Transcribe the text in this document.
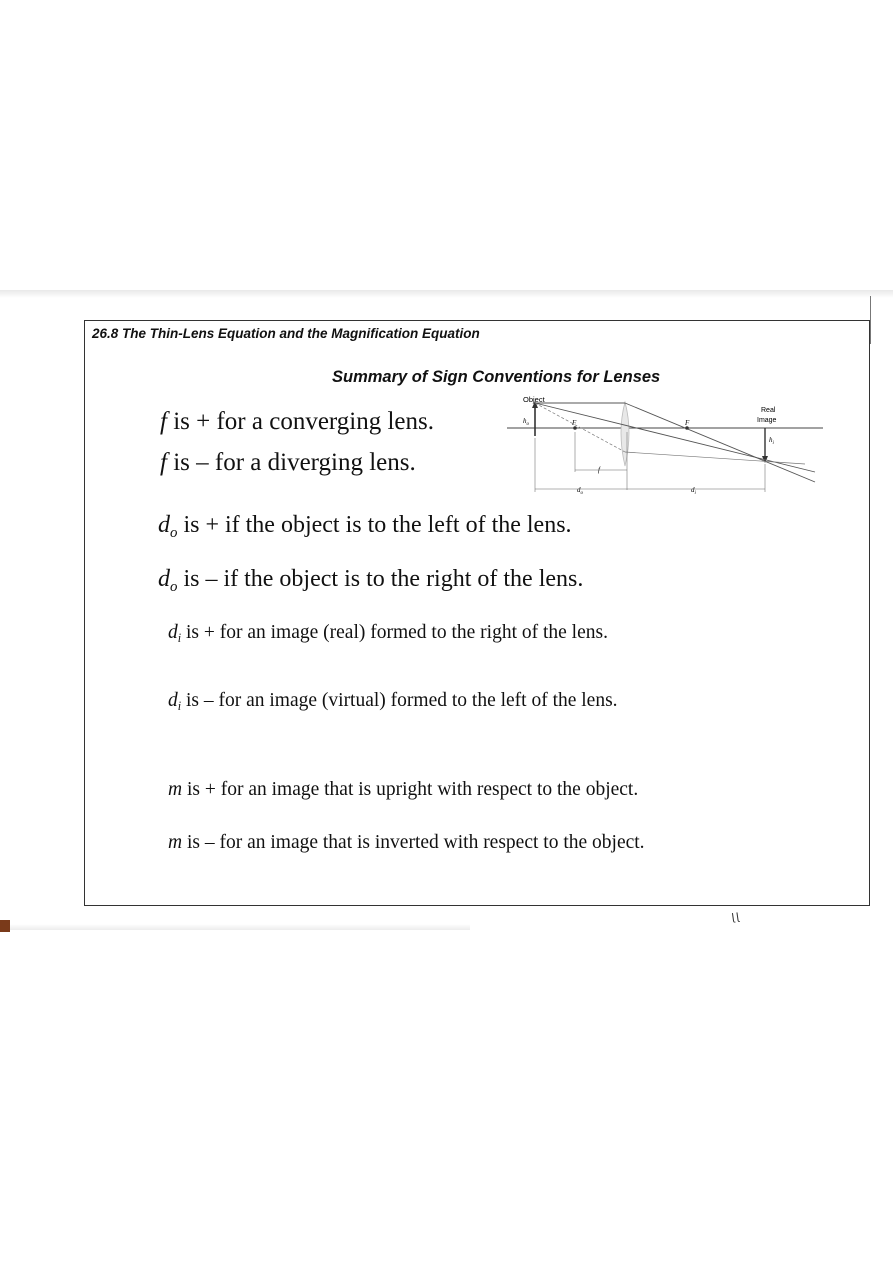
26.8 The Thin-Lens Equation and the Magnification Equation
Summary of Sign Conventions for Lenses
f is + for a converging lens.
f is – for a diverging lens.
Object
Real
Image
$h_o$
$h_i$
F	F
f
$d_o$	$d_i$
$d_o$ is + if the object is to the left of the lens.
$d_o$ is – if the object is to the right of the lens.
$d_i$ is + for an image (real) formed to the right of the lens.
$d_i$ is – for an image (virtual) formed to the left of the lens.
m is + for an image that is upright with respect to the object.
m is – for an image that is inverted with respect to the object.
ᶩᶩ
